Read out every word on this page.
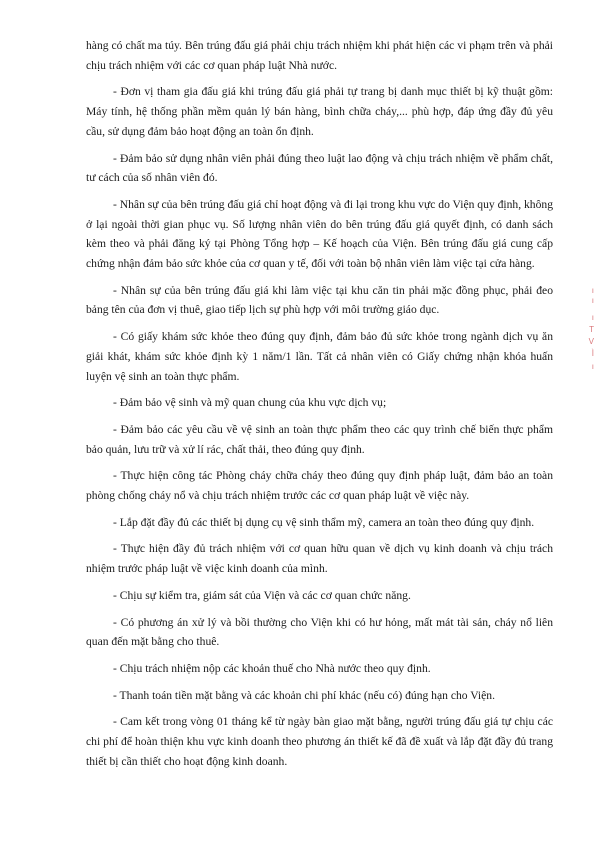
hàng có chất ma túy. Bên trúng đấu giá phải chịu trách nhiệm khi phát hiện các vi phạm trên và phải chịu trách nhiệm với các cơ quan pháp luật Nhà nước.

- Đơn vị tham gia đấu giá khi trúng đấu giá phải tự trang bị danh mục thiết bị kỹ thuật gồm: Máy tính, hệ thống phần mềm quản lý bán hàng, bình chữa cháy,... phù hợp, đáp ứng đầy đủ yêu cầu, sử dụng đảm bảo hoạt động an toàn ổn định.

- Đảm bảo sử dụng nhân viên phải đúng theo luật lao động và chịu trách nhiệm về phẩm chất, tư cách của số nhân viên đó.

- Nhân sự của bên trúng đấu giá chỉ hoạt động và đi lại trong khu vực do Viện quy định, không ở lại ngoài thời gian phục vụ. Số lượng nhân viên do bên trúng đấu giá quyết định, có danh sách kèm theo và phải đăng ký tại Phòng Tổng hợp – Kế hoạch của Viện. Bên trúng đấu giá cung cấp chứng nhận đảm bảo sức khỏe của cơ quan y tế, đối với toàn bộ nhân viên làm việc tại cửa hàng.

- Nhân sự của bên trúng đấu giá khi làm việc tại khu căn tin phải mặc đồng phục, phải đeo bảng tên của đơn vị thuê, giao tiếp lịch sự phù hợp với môi trường giáo dục.

- Có giấy khám sức khỏe theo đúng quy định, đảm bảo đủ sức khỏe trong ngành dịch vụ ăn giải khát, khám sức khỏe định kỳ 1 năm/1 lần. Tất cả nhân viên có Giấy chứng nhận khóa huấn luyện vệ sinh an toàn thực phẩm.

- Đảm bảo vệ sinh và mỹ quan chung của khu vực dịch vụ;

- Đảm bảo các yêu cầu về vệ sinh an toàn thực phẩm theo các quy trình chế biến thực phẩm bảo quản, lưu trữ và xử lí rác, chất thải, theo đúng quy định.

- Thực hiện công tác Phòng cháy chữa cháy theo đúng quy định pháp luật, đảm bảo an toàn phòng chống cháy nổ và chịu trách nhiệm trước các cơ quan pháp luật về việc này.

- Lắp đặt đầy đủ các thiết bị dụng cụ vệ sinh thẩm mỹ, camera an toàn theo đúng quy định.

- Thực hiện đầy đủ trách nhiệm với cơ quan hữu quan về dịch vụ kinh doanh và chịu trách nhiệm trước pháp luật về việc kinh doanh của mình.

- Chịu sự kiểm tra, giám sát của Viện và các cơ quan chức năng.

- Có phương án xử lý và bồi thường cho Viện khi có hư hỏng, mất mát tài sản, cháy nổ liên quan đến mặt bằng cho thuê.

- Chịu trách nhiệm nộp các khoản thuế cho Nhà nước theo quy định.

- Thanh toán tiền mặt bằng và các khoản chi phí khác (nếu có) đúng hạn cho Viện.

- Cam kết trong vòng 01 tháng kể từ ngày bàn giao mặt bằng, người trúng đấu giá tự chịu các chi phí để hoàn thiện khu vực kinh doanh theo phương án thiết kế đã đề xuất và lắp đặt đầy đủ trang thiết bị cần thiết cho hoạt động kinh doanh.

ı
ı
ı
T
V
Ì
ı
